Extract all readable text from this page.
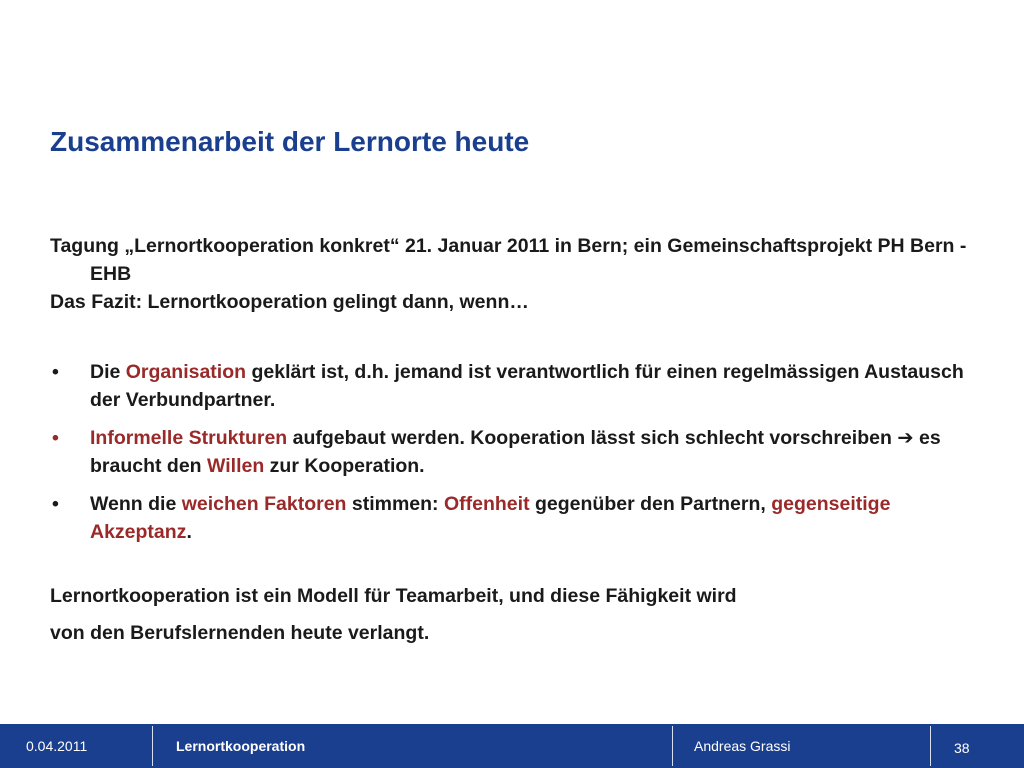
Zusammenarbeit der Lernorte heute

Tagung „Lernortkooperation konkret“ 21. Januar 2011 in Bern; ein Gemeinschaftsprojekt PH Bern - EHB

Das Fazit: Lernortkooperation gelingt dann, wenn…

• Die Organisation geklärt ist, d.h. jemand ist verantwortlich für einen regelmässigen Austausch der Verbundpartner.
• Informelle Strukturen aufgebaut werden. Kooperation lässt sich schlecht vorschreiben ➔ es braucht den Willen zur Kooperation.
• Wenn die weichen Faktoren stimmen: Offenheit gegenüber den Partnern, gegenseitige Akzeptanz.

Lernortkooperation ist ein Modell für Teamarbeit, und diese Fähigkeit wird

von den Berufslernenden heute verlangt.

0.04.2011	Lernortkooperation	Andreas Grassi	38
